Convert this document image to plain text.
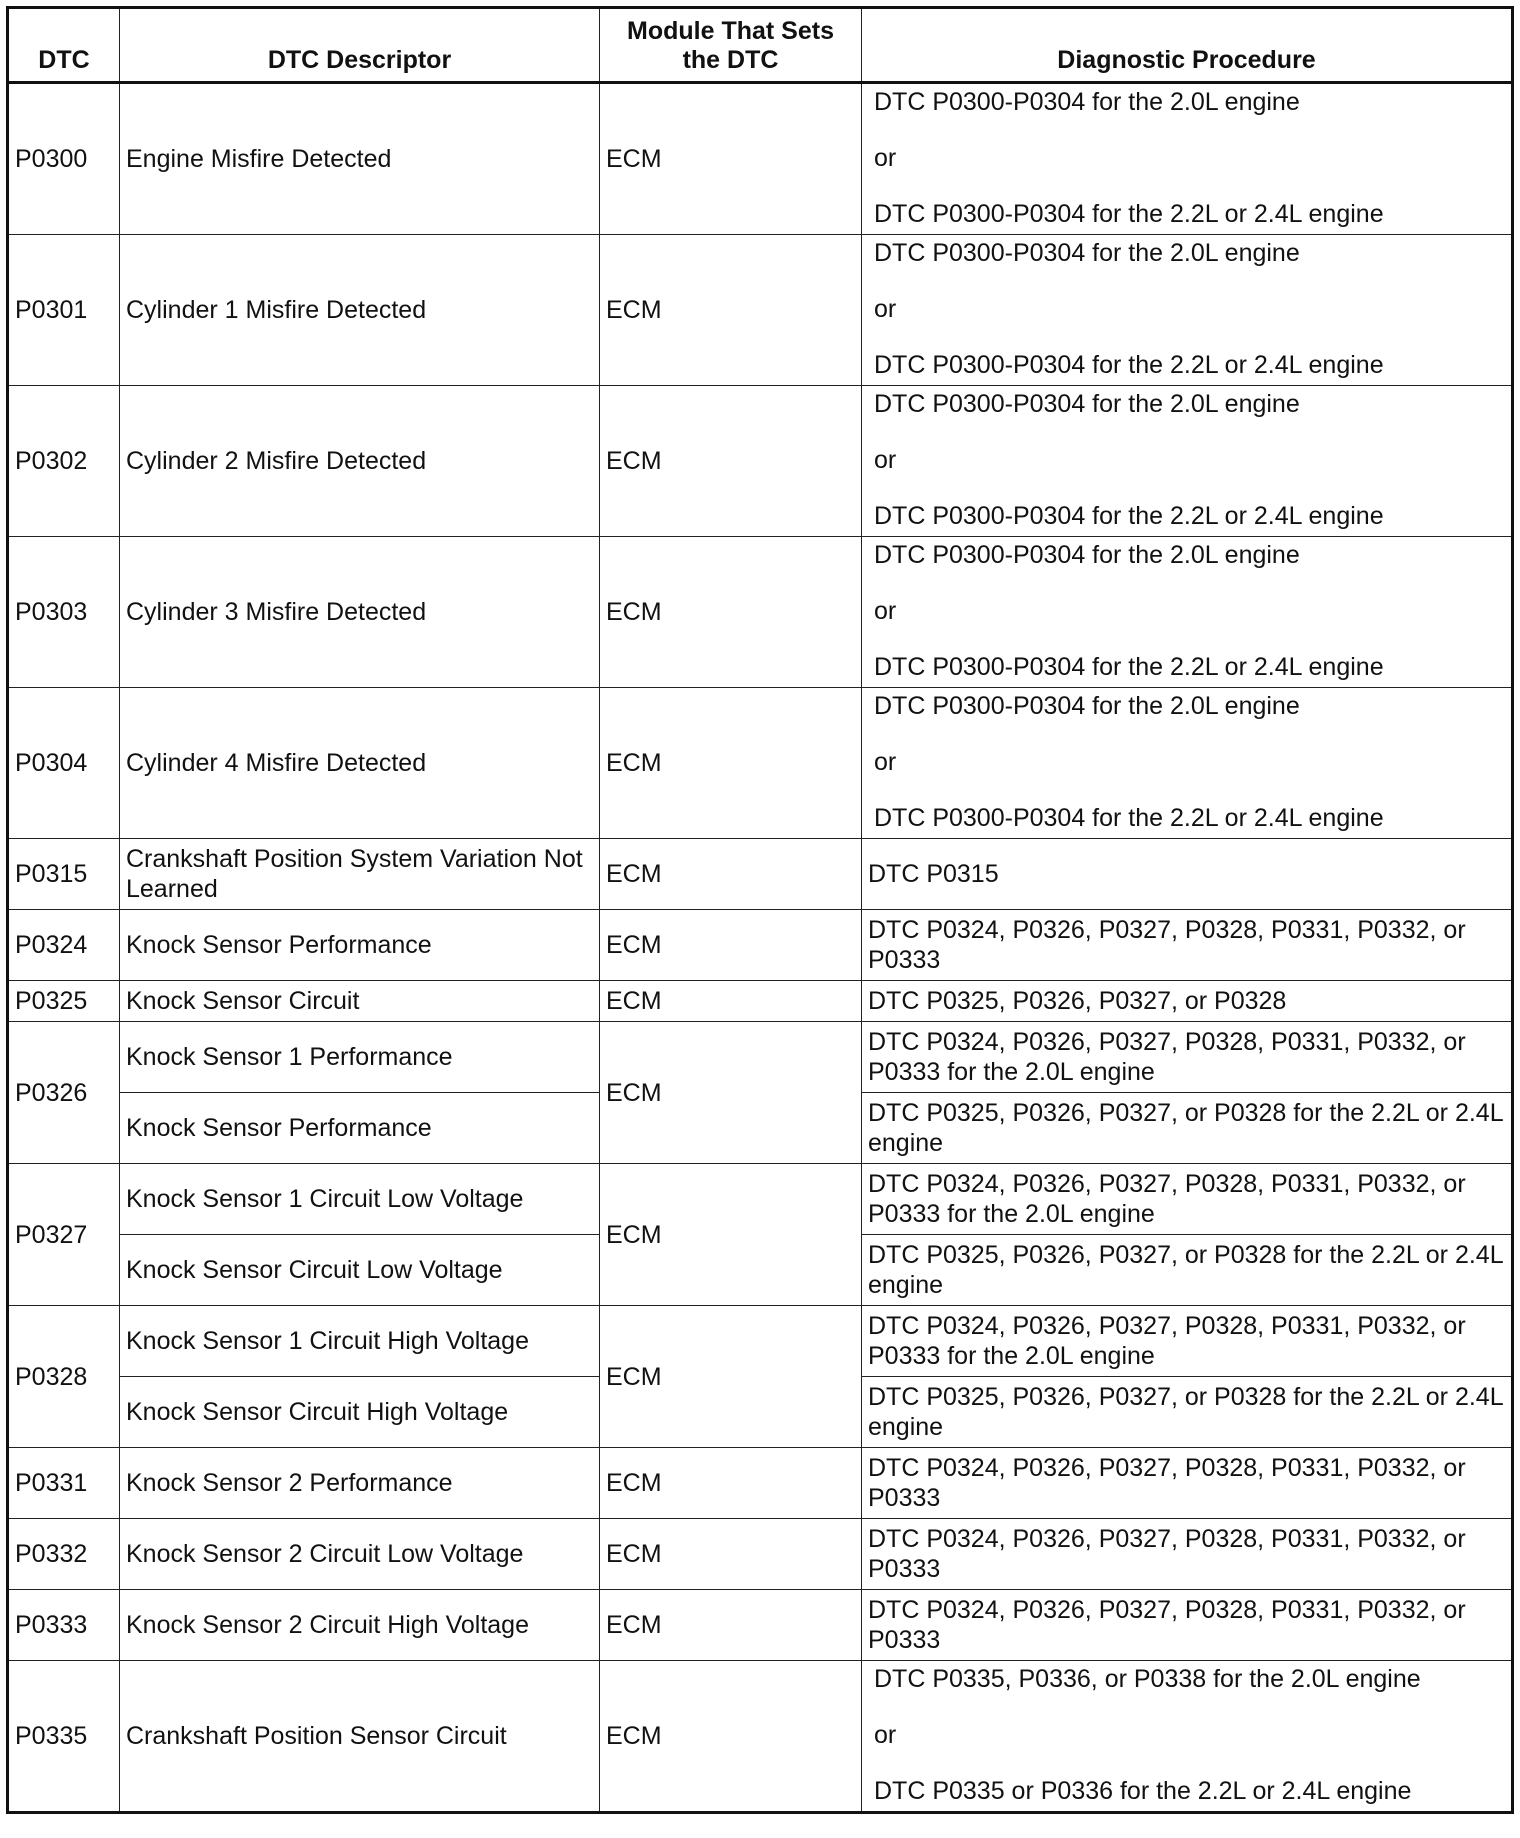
DTC	DTC Descriptor	Module That Sets the DTC	Diagnostic Procedure
P0300	Engine Misfire Detected	ECM	DTC P0300-P0304 for the 2.0L engine
or
DTC P0300-P0304 for the 2.2L or 2.4L engine

P0301	Cylinder 1 Misfire Detected	ECM	DTC P0300-P0304 for the 2.0L engine
or
DTC P0300-P0304 for the 2.2L or 2.4L engine

P0302	Cylinder 2 Misfire Detected	ECM	DTC P0300-P0304 for the 2.0L engine
or
DTC P0300-P0304 for the 2.2L or 2.4L engine

P0303	Cylinder 3 Misfire Detected	ECM	DTC P0300-P0304 for the 2.0L engine
or
DTC P0300-P0304 for the 2.2L or 2.4L engine

P0304	Cylinder 4 Misfire Detected	ECM	DTC P0300-P0304 for the 2.0L engine
or
DTC P0300-P0304 for the 2.2L or 2.4L engine

P0315	Crankshaft Position System Variation Not Learned	ECM	DTC P0315
P0324	Knock Sensor Performance	ECM	DTC P0324, P0326, P0327, P0328, P0331, P0332, or P0333
P0325	Knock Sensor Circuit	ECM	DTC P0325, P0326, P0327, or P0328
P0326	Knock Sensor 1 Performance	ECM	DTC P0324, P0326, P0327, P0328, P0331, P0332, or P0333 for the 2.0L engine
	Knock Sensor Performance		DTC P0325, P0326, P0327, or P0328 for the 2.2L or 2.4L engine
P0327	Knock Sensor 1 Circuit Low Voltage	ECM	DTC P0324, P0326, P0327, P0328, P0331, P0332, or P0333 for the 2.0L engine
	Knock Sensor Circuit Low Voltage		DTC P0325, P0326, P0327, or P0328 for the 2.2L or 2.4L engine
P0328	Knock Sensor 1 Circuit High Voltage	ECM	DTC P0324, P0326, P0327, P0328, P0331, P0332, or P0333 for the 2.0L engine
	Knock Sensor Circuit High Voltage		DTC P0325, P0326, P0327, or P0328 for the 2.2L or 2.4L engine
P0331	Knock Sensor 2 Performance	ECM	DTC P0324, P0326, P0327, P0328, P0331, P0332, or P0333
P0332	Knock Sensor 2 Circuit Low Voltage	ECM	DTC P0324, P0326, P0327, P0328, P0331, P0332, or P0333
P0333	Knock Sensor 2 Circuit High Voltage	ECM	DTC P0324, P0326, P0327, P0328, P0331, P0332, or P0333
P0335	Crankshaft Position Sensor Circuit	ECM	DTC P0335, P0336, or P0338 for the 2.0L engine
or
DTC P0335 or P0336 for the 2.2L or 2.4L engine
